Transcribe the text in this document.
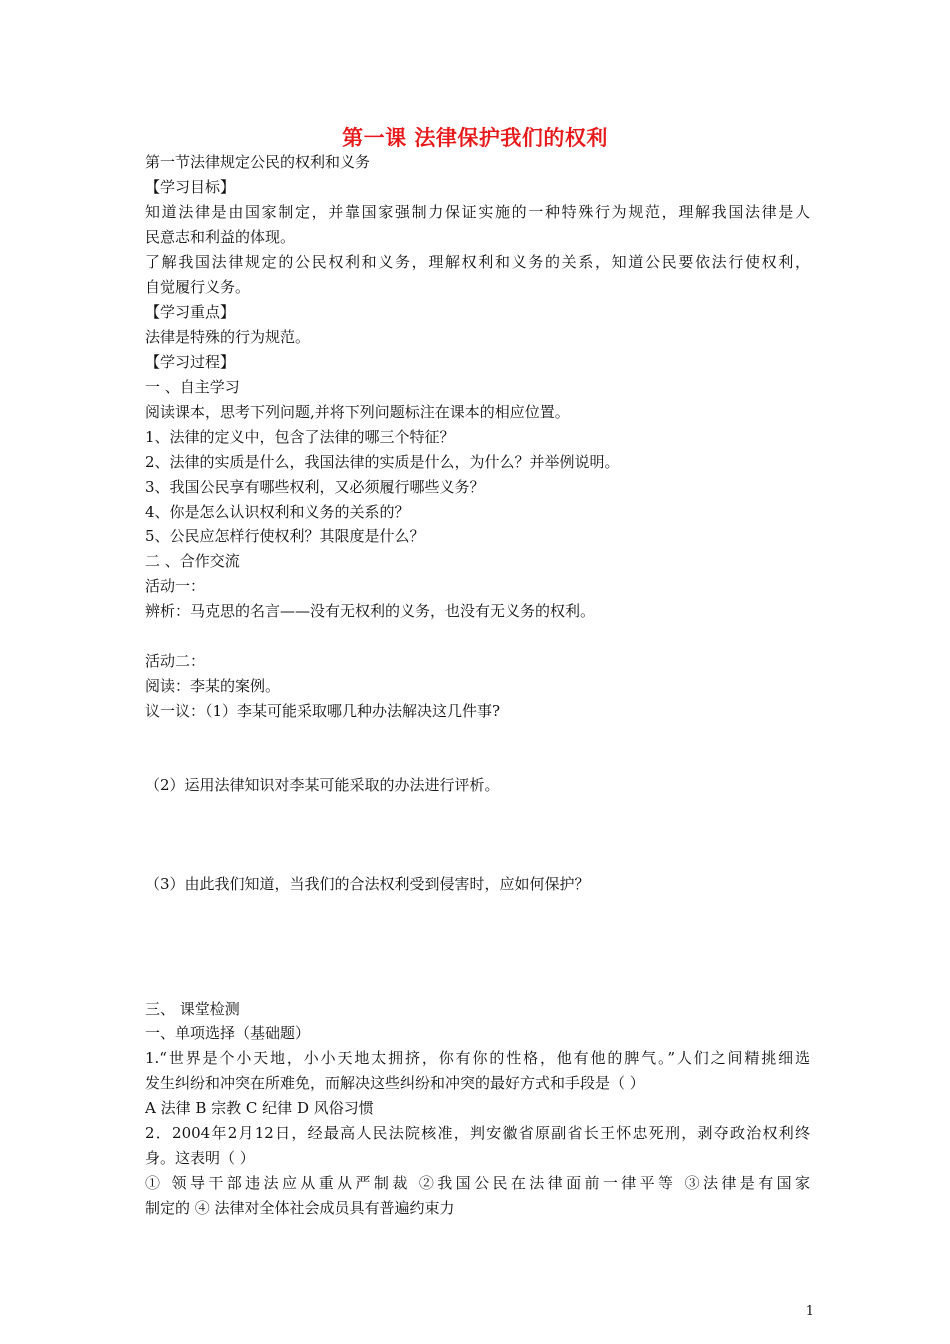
第一课 法律保护我们的权利
第一节法律规定公民的权利和义务
【学习目标】
知道法律是由国家制定，并靠国家强制力保证实施的一种特殊行为规范，理解我国法律是人
民意志和利益的体现。
了解我国法律规定的公民权利和义务，理解权利和义务的关系，知道公民要依法行使权利，
自觉履行义务。
【学习重点】
法律是特殊的行为规范。
【学习过程】
一 、自主学习
阅读课本，思考下列问题,并将下列问题标注在课本的相应位置。
1、法律的定义中，包含了法律的哪三个特征？
2、法律的实质是什么，我国法律的实质是什么，为什么？并举例说明。
3、我国公民享有哪些权利，又必须履行哪些义务？
4、你是怎么认识权利和义务的关系的？
5、公民应怎样行使权利？其限度是什么？
二 、合作交流
活动一：
辨析：马克思的名言——没有无权利的义务，也没有无义务的权利。
活动二：
阅读：李某的案例。
议一议：（1）李某可能采取哪几种办法解决这几件事?
（2）运用法律知识对李某可能采取的办法进行评析。
（3）由此我们知道，当我们的合法权利受到侵害时，应如何保护？
三、 课堂检测
一、单项选择（基础题）
1.“世界是个小天地，小小天地太拥挤，你有你的性格，他有他的脾气。”人们之间精挑细选
发生纠纷和冲突在所难免，而解决这些纠纷和冲突的最好方式和手段是（ ）
A 法律 B 宗教 C 纪律 D 风俗习惯
2．2004年2月12日，经最高人民法院核准，判安徽省原副省长王怀忠死刑，剥夺政治权利终
身。这表明（ ）
① 领导干部违法应从重从严制裁 ②我国公民在法律面前一律平等 ③法律是有国家
制定的 ④ 法律对全体社会成员具有普遍约束力
1
